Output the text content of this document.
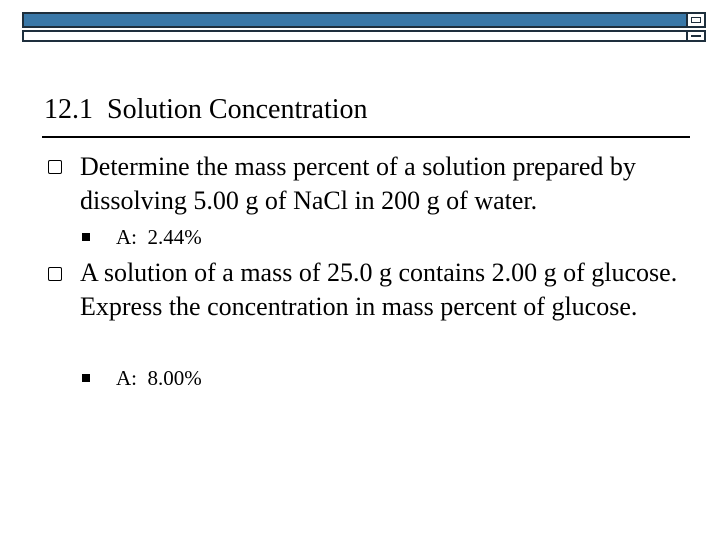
12.1  Solution Concentration
Determine the mass percent of a solution prepared by dissolving 5.00 g of NaCl in 200 g of water.
A:  2.44%
A solution of a mass of 25.0 g contains 2.00 g of glucose. Express the concentration in mass percent of glucose.
A:  8.00%
